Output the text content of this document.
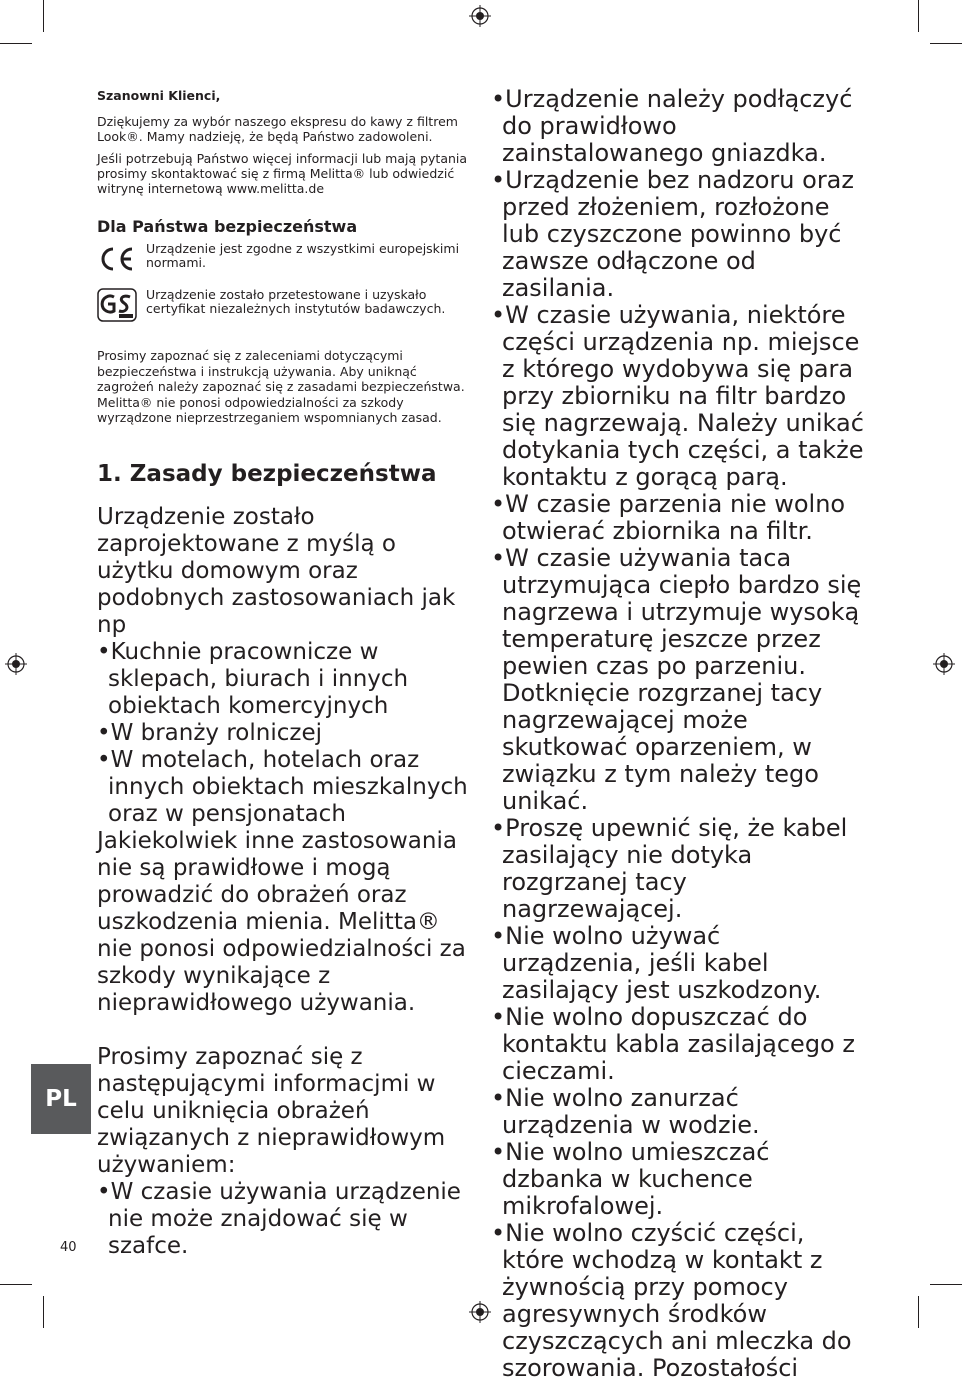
Szanowni Klienci,

Dziękujemy za wybór naszego ekspresu do kawy z filtrem Look®. Mamy nadzieję, że będą Państwo zadowoleni.

Jeśli potrzebują Państwo więcej informacji lub mają pytania prosimy skontaktować się z firmą Melitta® lub odwiedzić witrynę internetową www.melitta.de

Dla Państwa bezpieczeństwa

Urządzenie jest zgodne z wszystkimi europejskimi normami.
Urządzenie zostało przetestowane i uzyskało certyfikat niezależnych instytutów badawczych.

Prosimy zapoznać się z zaleceniami dotyczącymi bezpieczeństwa i instrukcją używania. Aby uniknąć zagrożeń należy zapoznać się z zasadami bezpieczeństwa. Melitta® nie ponosi odpowiedzialności za szkody wyrządzone nieprzestrzeganiem wspomnianych zasad.

1. Zasady bezpieczeństwa

Urządzenie zostało zaprojektowane z myślą o użytku domowym oraz podobnych zastosowaniach jak np

• Kuchnie pracownicze w sklepach, biurach i innych obiektach komercyjnych
• W branży rolniczej
• W motelach, hotelach oraz innych obiektach mieszkalnych oraz w pensjonatach

Jakiekolwiek inne zastosowania nie są prawidłowe i mogą prowadzić do obrażeń oraz uszkodzenia mienia. Melitta® nie ponosi odpowiedzialności za szkody wynikające z nieprawidłowego używania.

Prosimy zapoznać się z następującymi informacjmi w celu uniknięcia obrażeń związanych z nieprawidłowym używaniem:

• W czasie używania urządzenie nie może znajdować się w szafce.
• Urządzenie należy podłączyć do prawidłowo zainstalowanego gniazdka.
• Urządzenie bez nadzoru oraz przed złożeniem, rozłożone lub czyszczone powinno być zawsze odłączone od zasilania.
• W czasie używania, niektóre części urządzenia np. miejsce z którego wydobywa się para przy zbiorniku na filtr bardzo się nagrzewają. Należy unikać dotykania tych części, a także kontaktu z gorącą parą.
• W czasie parzenia nie wolno otwierać zbiornika na filtr.
• W czasie używania taca utrzymująca ciepło bardzo się nagrzewa i utrzymuje wysoką temperaturę jeszcze przez pewien czas po parzeniu. Dotknięcie rozgrzanej tacy nagrzewającej może skutkować oparzeniem, w związku z tym należy tego unikać.
• Proszę upewnić się, że kabel zasilający nie dotyka rozgrzanej tacy nagrzewającej.
• Nie wolno używać urządzenia, jeśli kabel zasilający jest uszkodzony.
• Nie wolno dopuszczać do kontaktu kabla zasilającego z cieczami.
• Nie wolno zanurzać urządzenia w wodzie.
• Nie wolno umieszczać dzbanka w kuchence mikrofalowej.
• Nie wolno czyścić części, które wchodzą w kontakt z żywnością przy pomocy agresywnych środków czyszczących ani mleczka do szorowania. Pozostałości
PL
40
